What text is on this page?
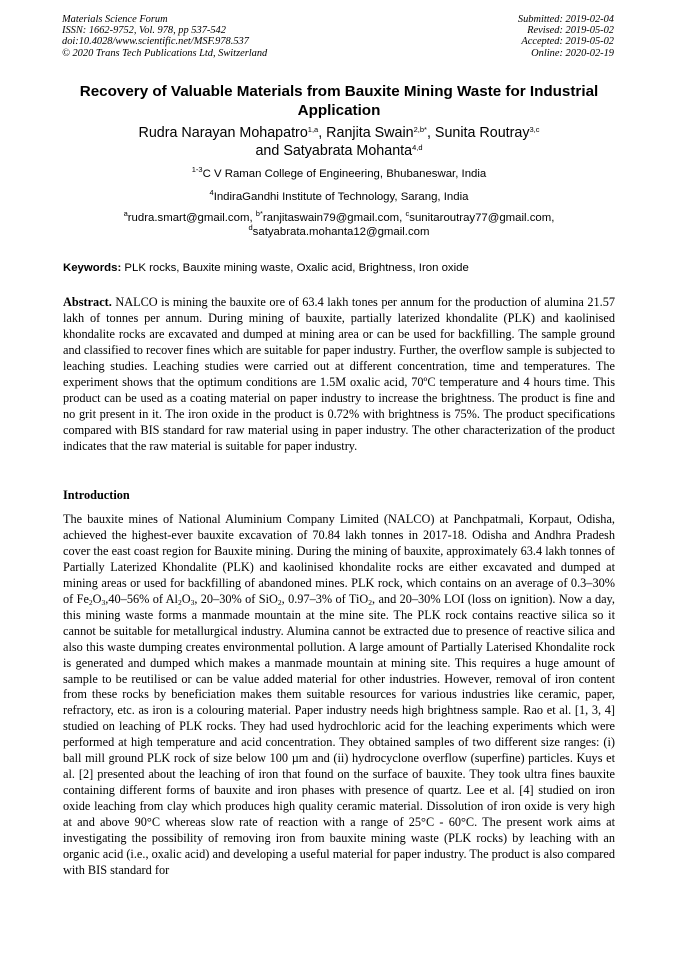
Materials Science Forum
ISSN: 1662-9752, Vol. 978, pp 537-542
doi:10.4028/www.scientific.net/MSF.978.537
© 2020 Trans Tech Publications Ltd, Switzerland
Submitted: 2019-02-04
Revised: 2019-05-02
Accepted: 2019-05-02
Online: 2020-02-19
Recovery of Valuable Materials from Bauxite Mining Waste for Industrial Application
Rudra Narayan Mohapatro$^{1,a}$, Ranjita Swain$^{2,b*}$, Sunita Routray$^{3,c}$
and Satyabrata Mohanta$^{4,d}$
$^{1-3}$C V Raman College of Engineering, Bhubaneswar, India
$^4$IndiraGandhi Institute of Technology, Sarang, India
$^a$rudra.smart@gmail.com, $^{b*}$ranjitaswain79@gmail.com, $^c$sunitaroutray77@gmail.com,
$^d$satyabrata.mohanta12@gmail.com
Keywords: PLK rocks, Bauxite mining waste, Oxalic acid, Brightness, Iron oxide
Abstract. NALCO is mining the bauxite ore of 63.4 lakh tones per annum for the production of alumina 21.57 lakh of tonnes per annum. During mining of bauxite, partially laterized khondalite (PLK) and kaolinised khondalite rocks are excavated and dumped at mining area or can be used for backfilling. The sample ground and classified to recover fines which are suitable for paper industry. Further, the overflow sample is subjected to leaching studies. Leaching studies were carried out at different concentration, time and temperatures. The experiment shows that the optimum conditions are 1.5M oxalic acid, 70ºC temperature and 4 hours time. This product can be used as a coating material on paper industry to increase the brightness. The product is fine and no grit present in it. The iron oxide in the product is 0.72% with brightness is 75%. The product specifications compared with BIS standard for raw material using in paper industry. The other characterization of the product indicates that the raw material is suitable for paper industry.
Introduction
The bauxite mines of National Aluminium Company Limited (NALCO) at Panchpatmali, Korpaut, Odisha, achieved the highest-ever bauxite excavation of 70.84 lakh tonnes in 2017-18. Odisha and Andhra Pradesh cover the east coast region for Bauxite mining. During the mining of bauxite, approximately 63.4 lakh tonnes of Partially Laterized Khondalite (PLK) and kaolinised khondalite rocks are either excavated and dumped at mining areas or used for backfilling of abandoned mines. PLK rock, which contains on an average of 0.3–30% of $Fe_2O_3,40-56\%$ of $Al_2O_3$, 20–30% of SiO$_2$, 0.97–3% of TiO$_2$, and 20–30% LOI (loss on ignition). Now a day, this mining waste forms a manmade mountain at the mine site. The PLK rock contains reactive silica so it cannot be suitable for metallurgical industry. Alumina cannot be extracted due to presence of reactive silica and also this waste dumping creates environmental pollution. A large amount of Partially Laterised Khondalite rock is generated and dumped which makes a manmade mountain at mining site. This requires a huge amount of sample to be reutilised or can be value added material for other industries. However, removal of iron content from these rocks by beneficiation makes them suitable resources for various industries like ceramic, paper, refractory, etc. as iron is a colouring material. Paper industry needs high brightness sample. Rao et al. [1, 3, 4] studied on leaching of PLK rocks. They had used hydrochloric acid for the leaching experiments which were performed at high temperature and acid concentration. They obtained samples of two different size ranges: (i) ball mill ground PLK rock of size below 100 µm and (ii) hydrocyclone overflow (superfine) particles. Kuys et al. [2] presented about the leaching of iron that found on the surface of bauxite. They took ultra fines bauxite containing different forms of bauxite and iron phases with presence of quartz. Lee et al. [4] studied on iron oxide leaching from clay which produces high quality ceramic material. Dissolution of iron oxide is very high at and above 90°C whereas slow rate of reaction with a range of 25°C - 60°C. The present work aims at investigating the possibility of removing iron from bauxite mining waste (PLK rocks) by leaching with an organic acid (i.e., oxalic acid) and developing a useful material for paper industry. The product is also compared with BIS standard for
